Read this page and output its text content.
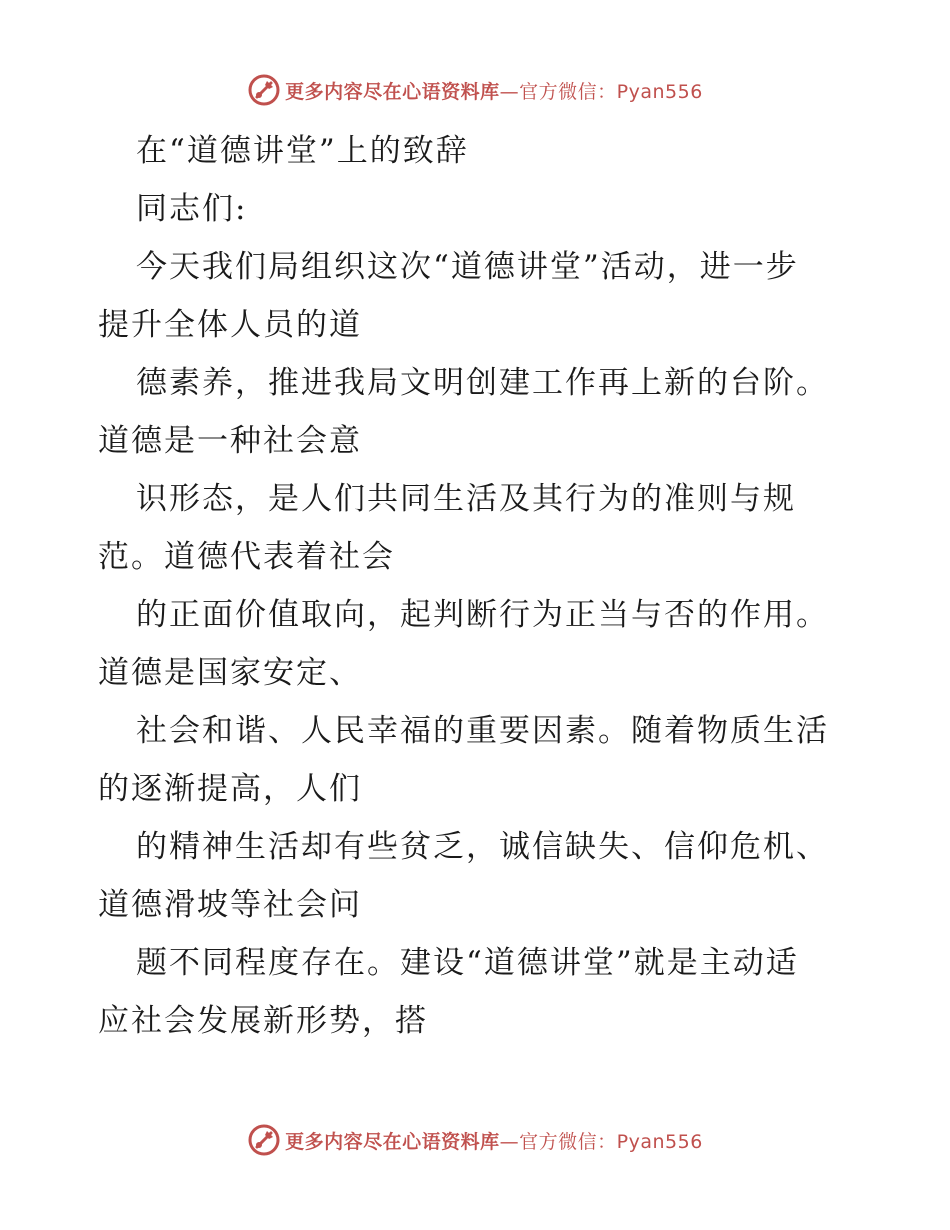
更多内容尽在心语资料库—官方微信：Pyan556
在“道德讲堂”上的致辞
同志们:
今天我们局组织这次“道德讲堂”活动，进一步
提升全体人员的道
德素养，推进我局文明创建工作再上新的台阶。
道德是一种社会意
识形态，是人们共同生活及其行为的准则与规
范。道德代表着社会
的正面价值取向，起判断行为正当与否的作用。
道德是国家安定、
社会和谐、人民幸福的重要因素。随着物质生活
的逐渐提高，人们
的精神生活却有些贫乏，诚信缺失、信仰危机、
道德滑坡等社会问
题不同程度存在。建设“道德讲堂”就是主动适
应社会发展新形势，搭
更多内容尽在心语资料库—官方微信：Pyan556
